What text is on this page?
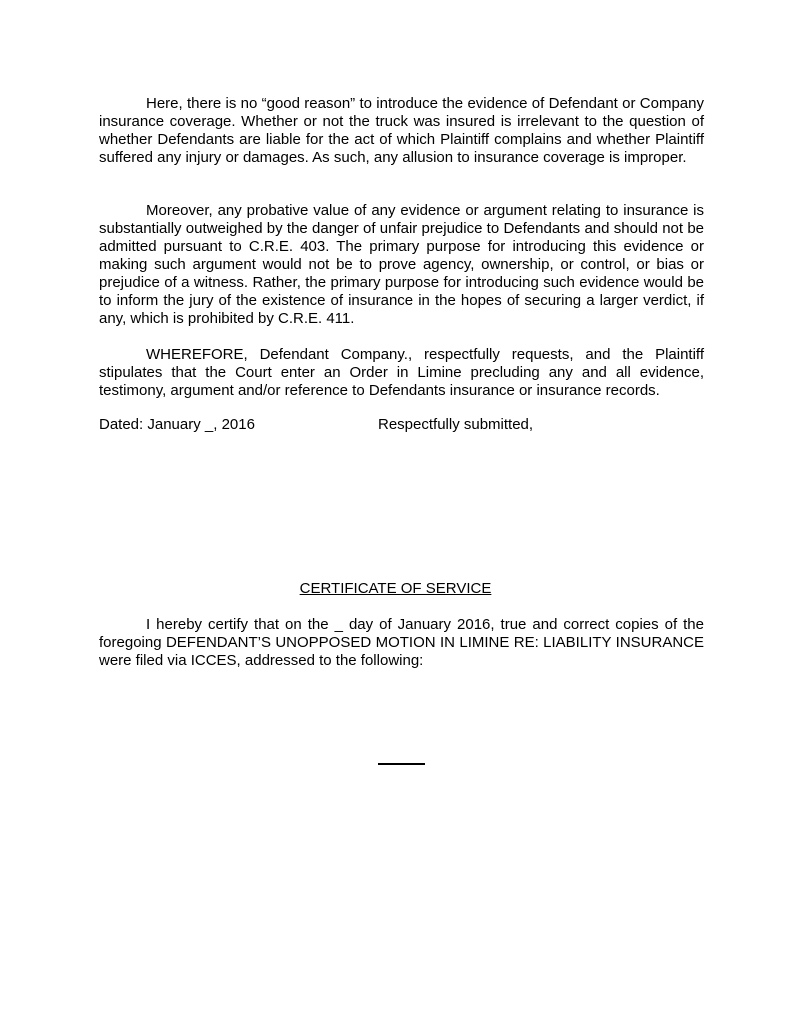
Here, there is no “good reason” to introduce the evidence of Defendant or Company insurance coverage. Whether or not the truck was insured is irrelevant to the question of whether Defendants are liable for the act of which Plaintiff complains and whether Plaintiff suffered any injury or damages. As such, any allusion to insurance coverage is improper.

Moreover, any probative value of any evidence or argument relating to insurance is substantially outweighed by the danger of unfair prejudice to Defendants and should not be admitted pursuant to C.R.E. 403. The primary purpose for introducing this evidence or making such argument would not be to prove agency, ownership, or control, or bias or prejudice of a witness. Rather, the primary purpose for introducing such evidence would be to inform the jury of the existence of insurance in the hopes of securing a larger verdict, if any, which is prohibited by C.R.E. 411.

WHEREFORE, Defendant Company., respectfully requests, and the Plaintiff stipulates that the Court enter an Order in Limine precluding any and all evidence, testimony, argument and/or reference to Defendants insurance or insurance records.

Dated: January _, 2016	Respectfully submitted,

CERTIFICATE OF SERVICE

I hereby certify that on the _ day of January 2016, true and correct copies of the foregoing DEFENDANT’S UNOPPOSED MOTION IN LIMINE RE: LIABILITY INSURANCE were filed via ICCES, addressed to the following:
